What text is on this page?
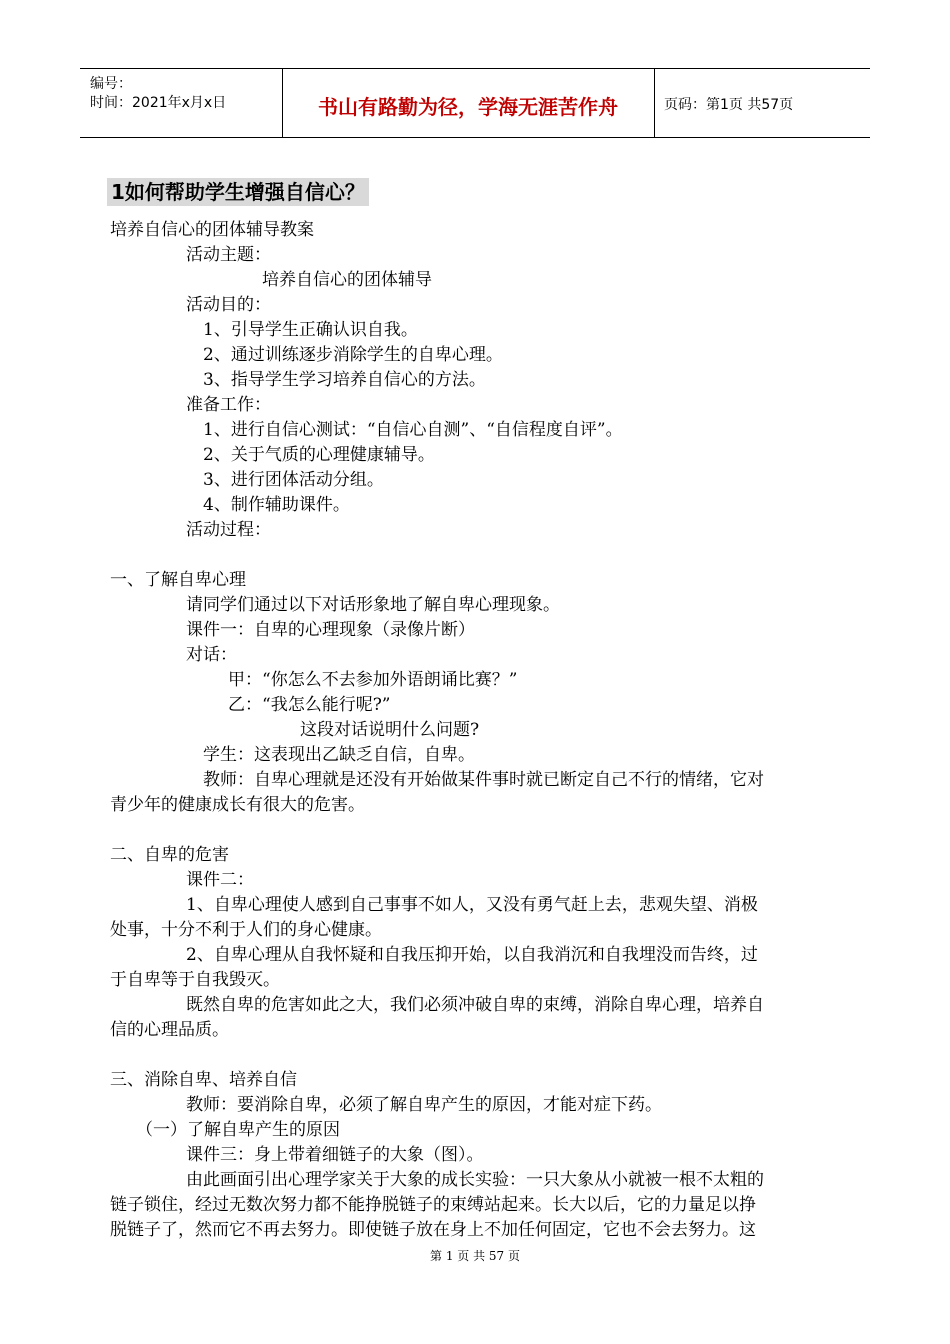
编号：
时间：2021年x月x日	书山有路勤为径，学海无涯苦作舟	页码：第1页 共57页
1如何帮助学生增强自信心？
培养自信心的团体辅导教案
活动主题：
培养自信心的团体辅导
活动目的：
1、引导学生正确认识自我。
2、通过训练逐步消除学生的自卑心理。
3、指导学生学习培养自信心的方法。
准备工作：
1、进行自信心测试：“自信心自测”、“自信程度自评”。
2、关于气质的心理健康辅导。
3、进行团体活动分组。
4、制作辅助课件。
活动过程：
一、了解自卑心理
请同学们通过以下对话形象地了解自卑心理现象。
课件一：自卑的心理现象（录像片断）
对话：
甲：“你怎么不去参加外语朗诵比赛？”
乙：“我怎么能行呢?”
这段对话说明什么问题?
学生：这表现出乙缺乏自信，自卑。
教师：自卑心理就是还没有开始做某件事时就已断定自己不行的情绪，它对
青少年的健康成长有很大的危害。
二、自卑的危害
课件二：
1、自卑心理使人感到自己事事不如人，又没有勇气赶上去，悲观失望、消极
处事，十分不利于人们的身心健康。
2、自卑心理从自我怀疑和自我压抑开始，以自我消沉和自我埋没而告终，过
于自卑等于自我毁灭。
既然自卑的危害如此之大，我们必须冲破自卑的束缚，消除自卑心理，培养自
信的心理品质。
三、消除自卑、培养自信
教师：要消除自卑，必须了解自卑产生的原因，才能对症下药。
（一）了解自卑产生的原因
课件三：身上带着细链子的大象（图）。
由此画面引出心理学家关于大象的成长实验：一只大象从小就被一根不太粗的
链子锁住，经过无数次努力都不能挣脱链子的束缚站起来。长大以后，它的力量足以挣
脱链子了，然而它不再去努力。即使链子放在身上不加任何固定，它也不会去努力。这
第 1 页 共 57 页
